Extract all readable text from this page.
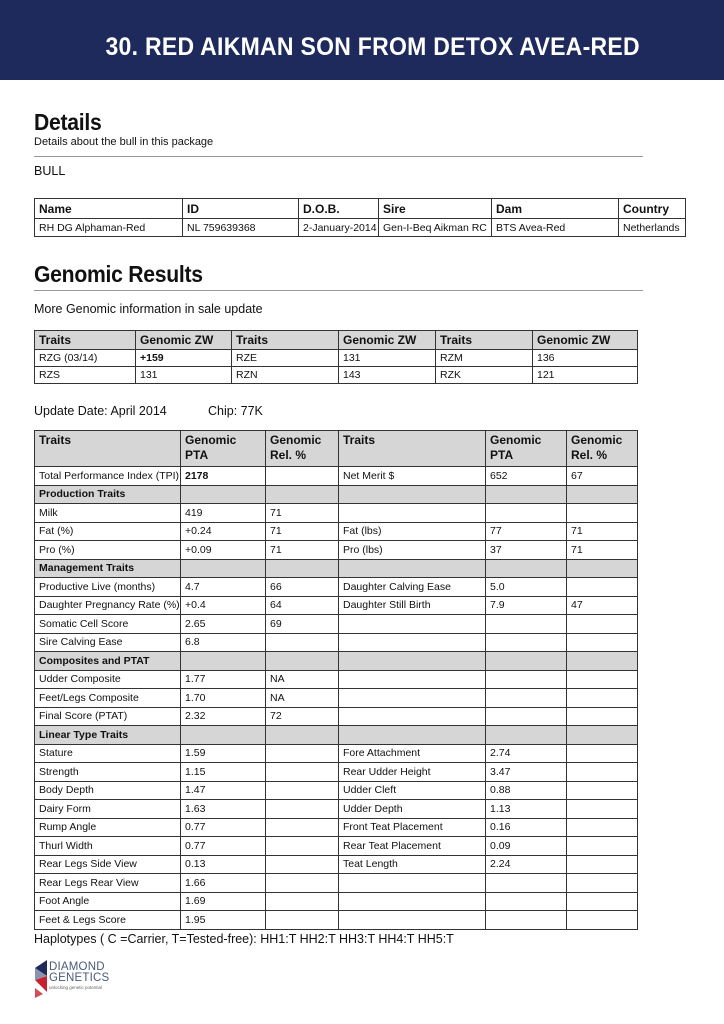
30. RED AIKMAN SON FROM DETOX AVEA-RED
Details
Details about the bull in this package
BULL
Name	ID	D.O.B.	Sire	Dam	Country
RH DG Alphaman-Red	NL 759639368	2-January-2014	Gen-I-Beq Aikman RC	BTS Avea-Red	Netherlands
Genomic Results
More Genomic information in sale update
Traits	Genomic ZW	Traits	Genomic ZW	Traits	Genomic ZW
RZG (03/14)	+159	RZE	131	RZM	136
RZS	131	RZN	143	RZK	121
Update Date: April 2014	Chip: 77K
Traits	Genomic PTA	Genomic Rel. %	Traits	Genomic PTA	Genomic Rel. %
Total Performance Index (TPI)	2178		Net Merit $	652	67
Production Traits					
Milk	419	71			
Fat (%)	+0.24	71	Fat (lbs)	77	71
Pro (%)	+0.09	71	Pro (lbs)	37	71
Management Traits					
Productive Live (months)	4.7	66	Daughter Calving Ease	5.0	
Daughter Pregnancy Rate (%)	+0.4	64	Daughter Still Birth	7.9	47
Somatic Cell Score	2.65	69			
Sire Calving Ease	6.8				
Composites and PTAT					
Udder Composite	1.77	NA			
Feet/Legs Composite	1.70	NA			
Final Score (PTAT)	2.32	72			
Linear Type Traits					
Stature	1.59		Fore Attachment	2.74	
Strength	1.15		Rear Udder Height	3.47	
Body Depth	1.47		Udder Cleft	0.88	
Dairy Form	1.63		Udder Depth	1.13	
Rump Angle	0.77		Front Teat Placement	0.16	
Thurl Width	0.77		Rear Teat Placement	0.09	
Rear Legs Side View	0.13		Teat Length	2.24	
Rear Legs Rear View	1.66				
Foot Angle	1.69				
Feet & Legs Score	1.95				
Haplotypes ( C =Carrier, T=Tested-free): HH1:T HH2:T HH3:T HH4:T HH5:T
DIAMOND
GENETICS
unlocking genetic potential
